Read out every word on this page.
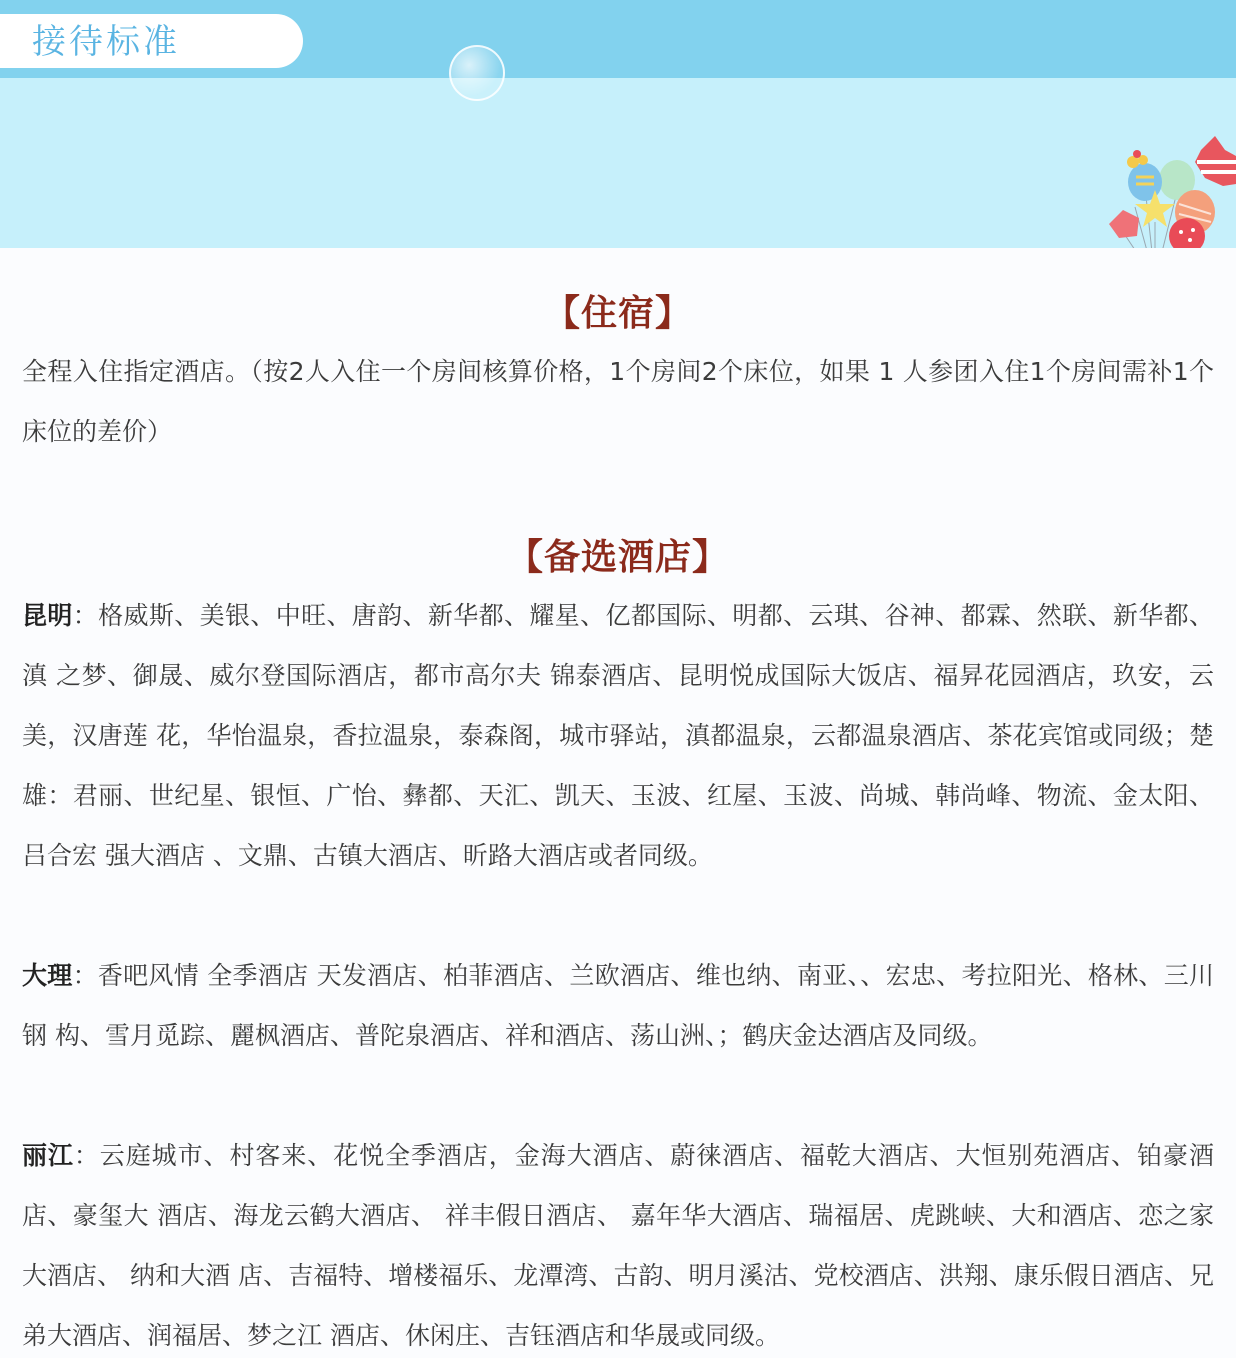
接待标准
【住宿】

全程入住指定酒店。（按2人入住一个房间核算价格，1个房间2个床位，如果 1 人参团入住1个房间需补1个床位的差价）

【备选酒店】

昆明：格威斯、美银、中旺、唐韵、新华都、耀星、亿都国际、明都、云琪、谷神、都霖、然联、新华都、滇 之梦、御晟、威尔登国际酒店，都市高尔夫 锦泰酒店、昆明悦成国际大饭店、福昇花园酒店，玖安，云美，汉唐莲 花，华怡温泉，香拉温泉，泰森阁，城市驿站，滇都温泉，云都温泉酒店、茶花宾馆或同级；楚雄：君丽、世纪星、银恒、广怡、彝都、天汇、凯天、玉波、红屋、玉波、尚城、韩尚峰、物流、金太阳、吕合宏 强大酒店 、文鼎、古镇大酒店、昕路大酒店或者同级。

大理：香吧风情 全季酒店 天发酒店、柏菲酒店、兰欧酒店、维也纳、南亚、、宏忠、考拉阳光、格林、三川钢 构、雪月觅踪、麗枫酒店、普陀泉酒店、祥和酒店、荡山洲、；鹤庆金达酒店及同级。

丽江：云庭城市、村客来、花悦全季酒店，金海大酒店、蔚徕酒店、福乾大酒店、大恒别苑酒店、铂豪酒店、豪玺大 酒店、海龙云鹤大酒店、 祥丰假日酒店、 嘉年华大酒店、瑞福居、虎跳峡、大和酒店、恋之家大酒店、 纳和大酒 店、吉福特、增楼福乐、龙潭湾、古韵、明月溪沽、党校酒店、洪翔、康乐假日酒店、兄弟大酒店、润福居、梦之江 酒店、休闲庄、吉钰酒店和华晟或同级。
